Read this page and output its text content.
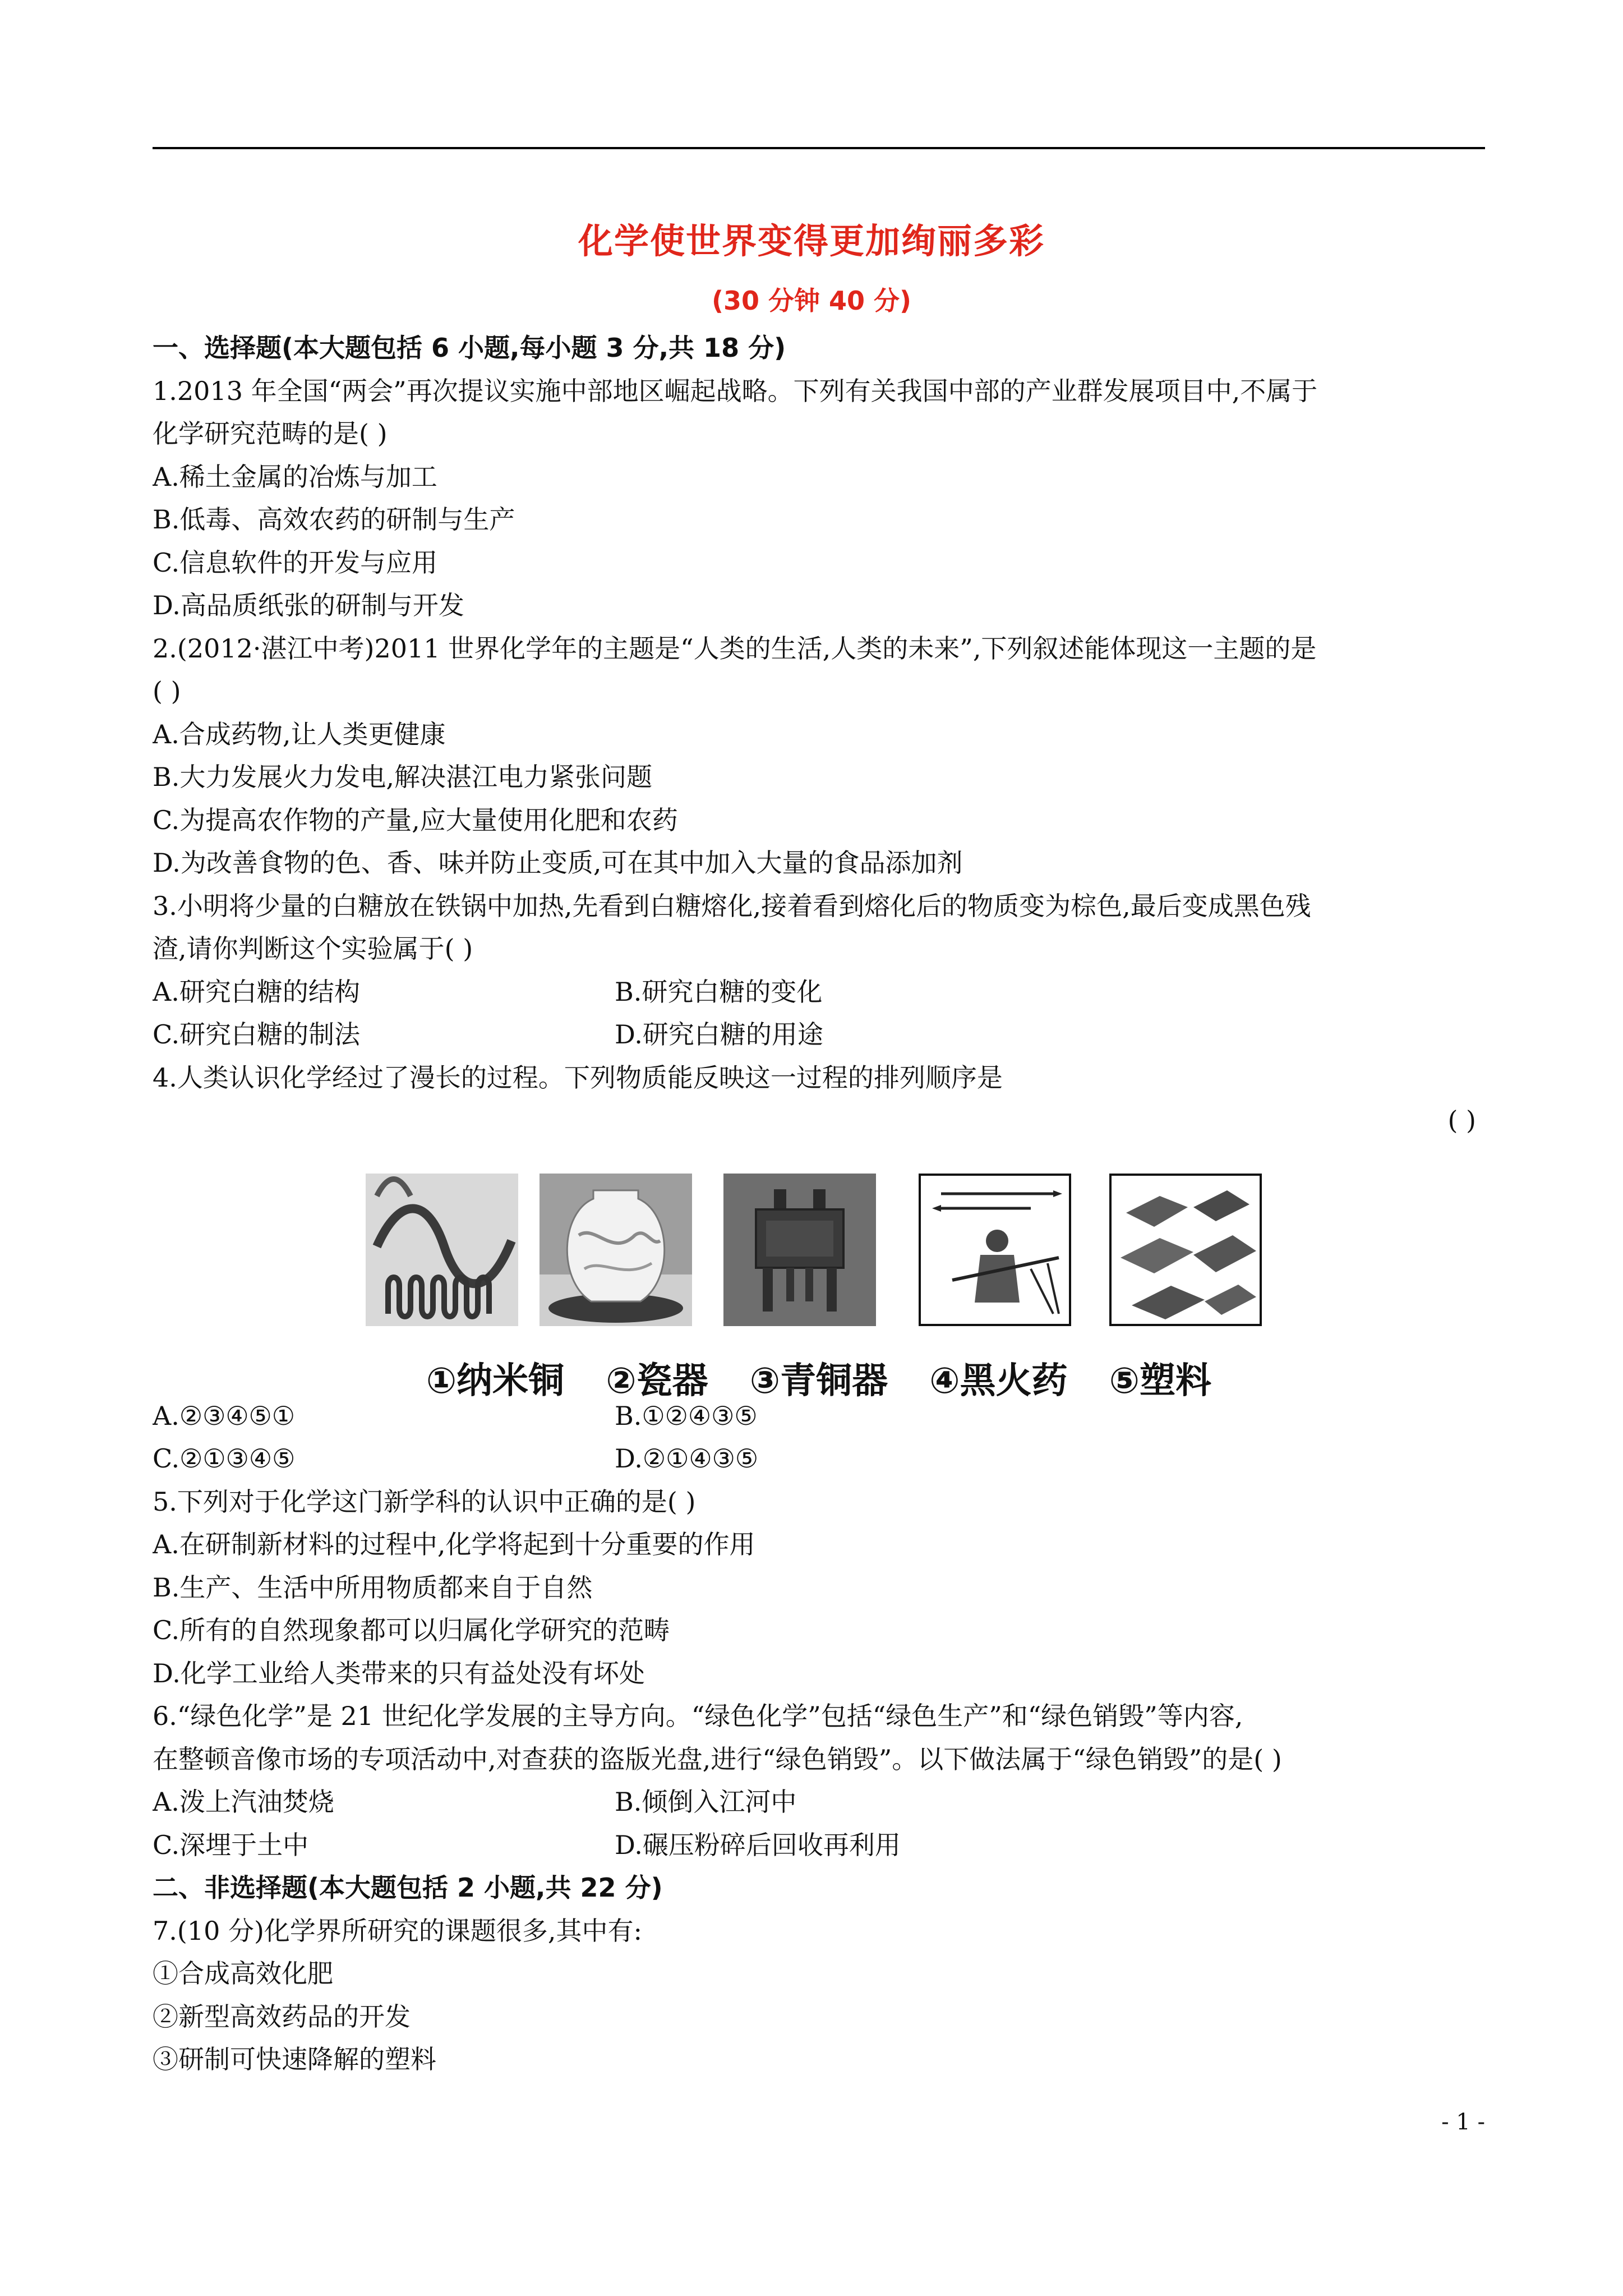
化学使世界变得更加绚丽多彩
(30 分钟 40 分)
一、选择题(本大题包括 6 小题,每小题 3 分,共 18 分)
1.2013 年全国“两会”再次提议实施中部地区崛起战略。下列有关我国中部的产业群发展项目中,不属于
化学研究范畴的是( )
A.稀土金属的冶炼与加工
B.低毒、高效农药的研制与生产
C.信息软件的开发与应用
D.高品质纸张的研制与开发
2.(2012·湛江中考)2011 世界化学年的主题是“人类的生活,人类的未来”,下列叙述能体现这一主题的是
( )
A.合成药物,让人类更健康
B.大力发展火力发电,解决湛江电力紧张问题
C.为提高农作物的产量,应大量使用化肥和农药
D.为改善食物的色、香、味并防止变质,可在其中加入大量的食品添加剂
3.小明将少量的白糖放在铁锅中加热,先看到白糖熔化,接着看到熔化后的物质变为棕色,最后变成黑色残
渣,请你判断这个实验属于( )
A.研究白糖的结构	B.研究白糖的变化
C.研究白糖的制法	D.研究白糖的用途
4.人类认识化学经过了漫长的过程。下列物质能反映这一过程的排列顺序是
( )
①纳米铜 ②瓷器 ③青铜器 ④黑火药 ⑤塑料
A.②③④⑤①	B.①②④③⑤
C.②①③④⑤	D.②①④③⑤
5.下列对于化学这门新学科的认识中正确的是( )
A.在研制新材料的过程中,化学将起到十分重要的作用
B.生产、生活中所用物质都来自于自然
C.所有的自然现象都可以归属化学研究的范畴
D.化学工业给人类带来的只有益处没有坏处
6.“绿色化学”是 21 世纪化学发展的主导方向。“绿色化学”包括“绿色生产”和“绿色销毁”等内容,
在整顿音像市场的专项活动中,对查获的盗版光盘,进行“绿色销毁”。以下做法属于“绿色销毁”的是( )
A.泼上汽油焚烧	B.倾倒入江河中
C.深埋于土中	D.碾压粉碎后回收再利用
二、非选择题(本大题包括 2 小题,共 22 分)
7.(10 分)化学界所研究的课题很多,其中有:
①合成高效化肥
②新型高效药品的开发
③研制可快速降解的塑料
- 1 -
